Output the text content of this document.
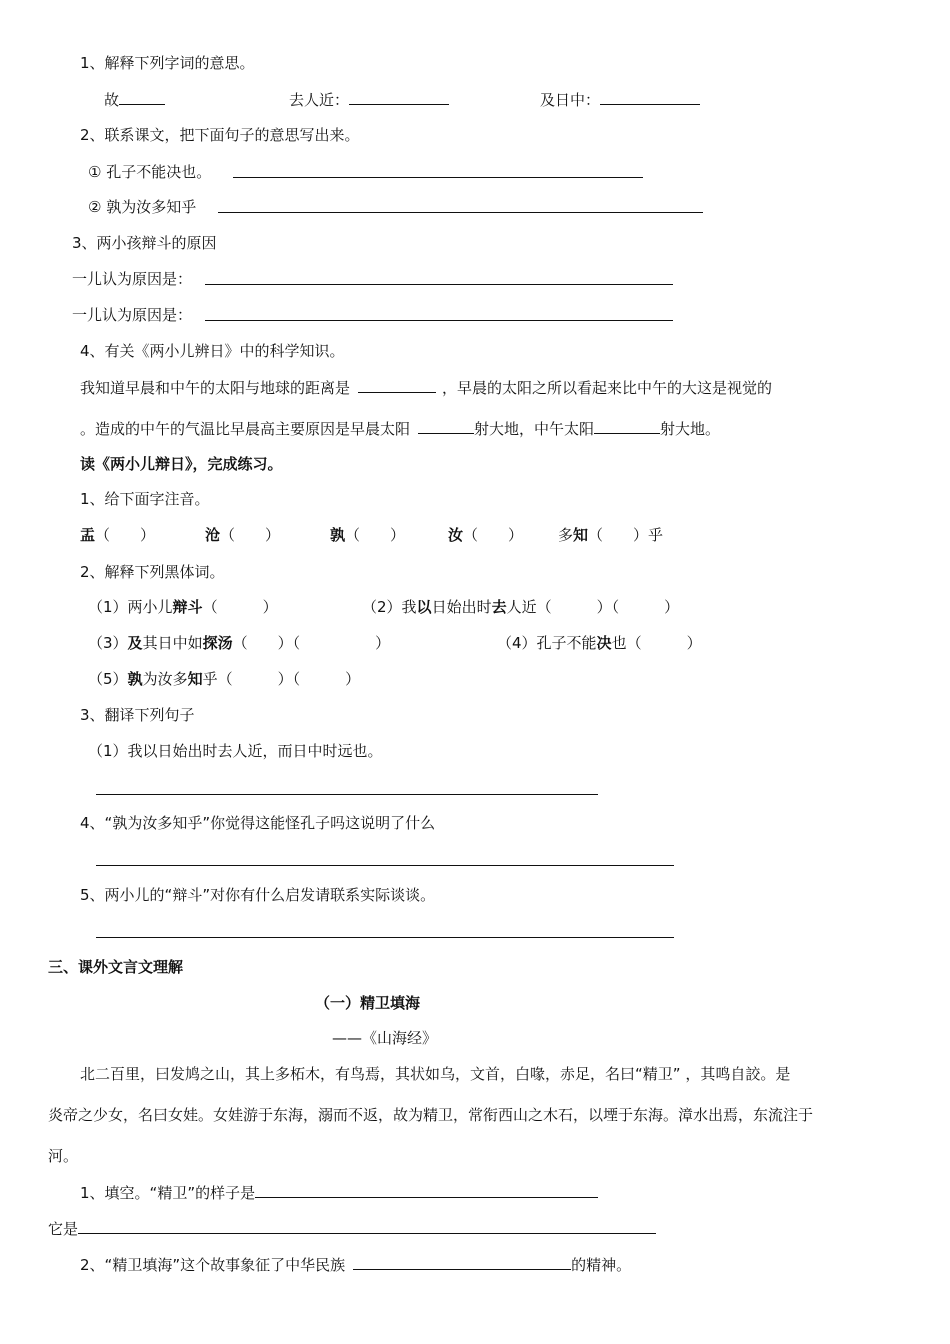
1、解释下列字词的意思。
故	去人近：	及日中：
2、联系课文，把下面句子的意思写出来。
① 孔子不能决也。
② 孰为汝多知乎
3、两小孩辩斗的原因
一儿认为原因是：
一儿认为原因是：
4、有关《两小儿辨日》中的科学知识。
我知道早晨和中午的太阳与地球的距离是	，早晨的太阳之所以看起来比中午的大这是视觉的
。造成的中午的气温比早晨高主要原因是早晨太阳	射大地，中午太阳	射大地。
读《两小儿辩日》，完成练习。
1、给下面字注音。
盂（　　）	沧（　　）	孰（　　）	汝（　　） 多知（　　）乎
2、解释下列黑体词。
（1）两小儿辩斗（　　　）	（2）我以日始出时去人近（　　　）（　　　）
（3）及其日中如探汤（　　）（　　　　　）	（4）孔子不能决也（　　　）
（5）孰为汝多知乎（　　　）（　　　）
3、翻译下列句子
（1）我以日始出时去人近，而日中时远也。
4、“孰为汝多知乎”你觉得这能怪孔子吗这说明了什么
5、两小儿的“辩斗”对你有什么启发请联系实际谈谈。
三、课外文言文理解
（一）精卫填海
——《山海经》
北二百里，曰发鸠之山，其上多柘木，有鸟焉，其状如乌，文首，白喙，赤足，名曰“精卫” ，其鸣自詨。是
炎帝之少女，名曰女娃。女娃游于东海，溺而不返，故为精卫，常衔西山之木石，以堙于东海。漳水出焉，东流注于
河。
1、填空。“精卫”的样子是
它是
2、“精卫填海”这个故事象征了中华民族	的精神。
